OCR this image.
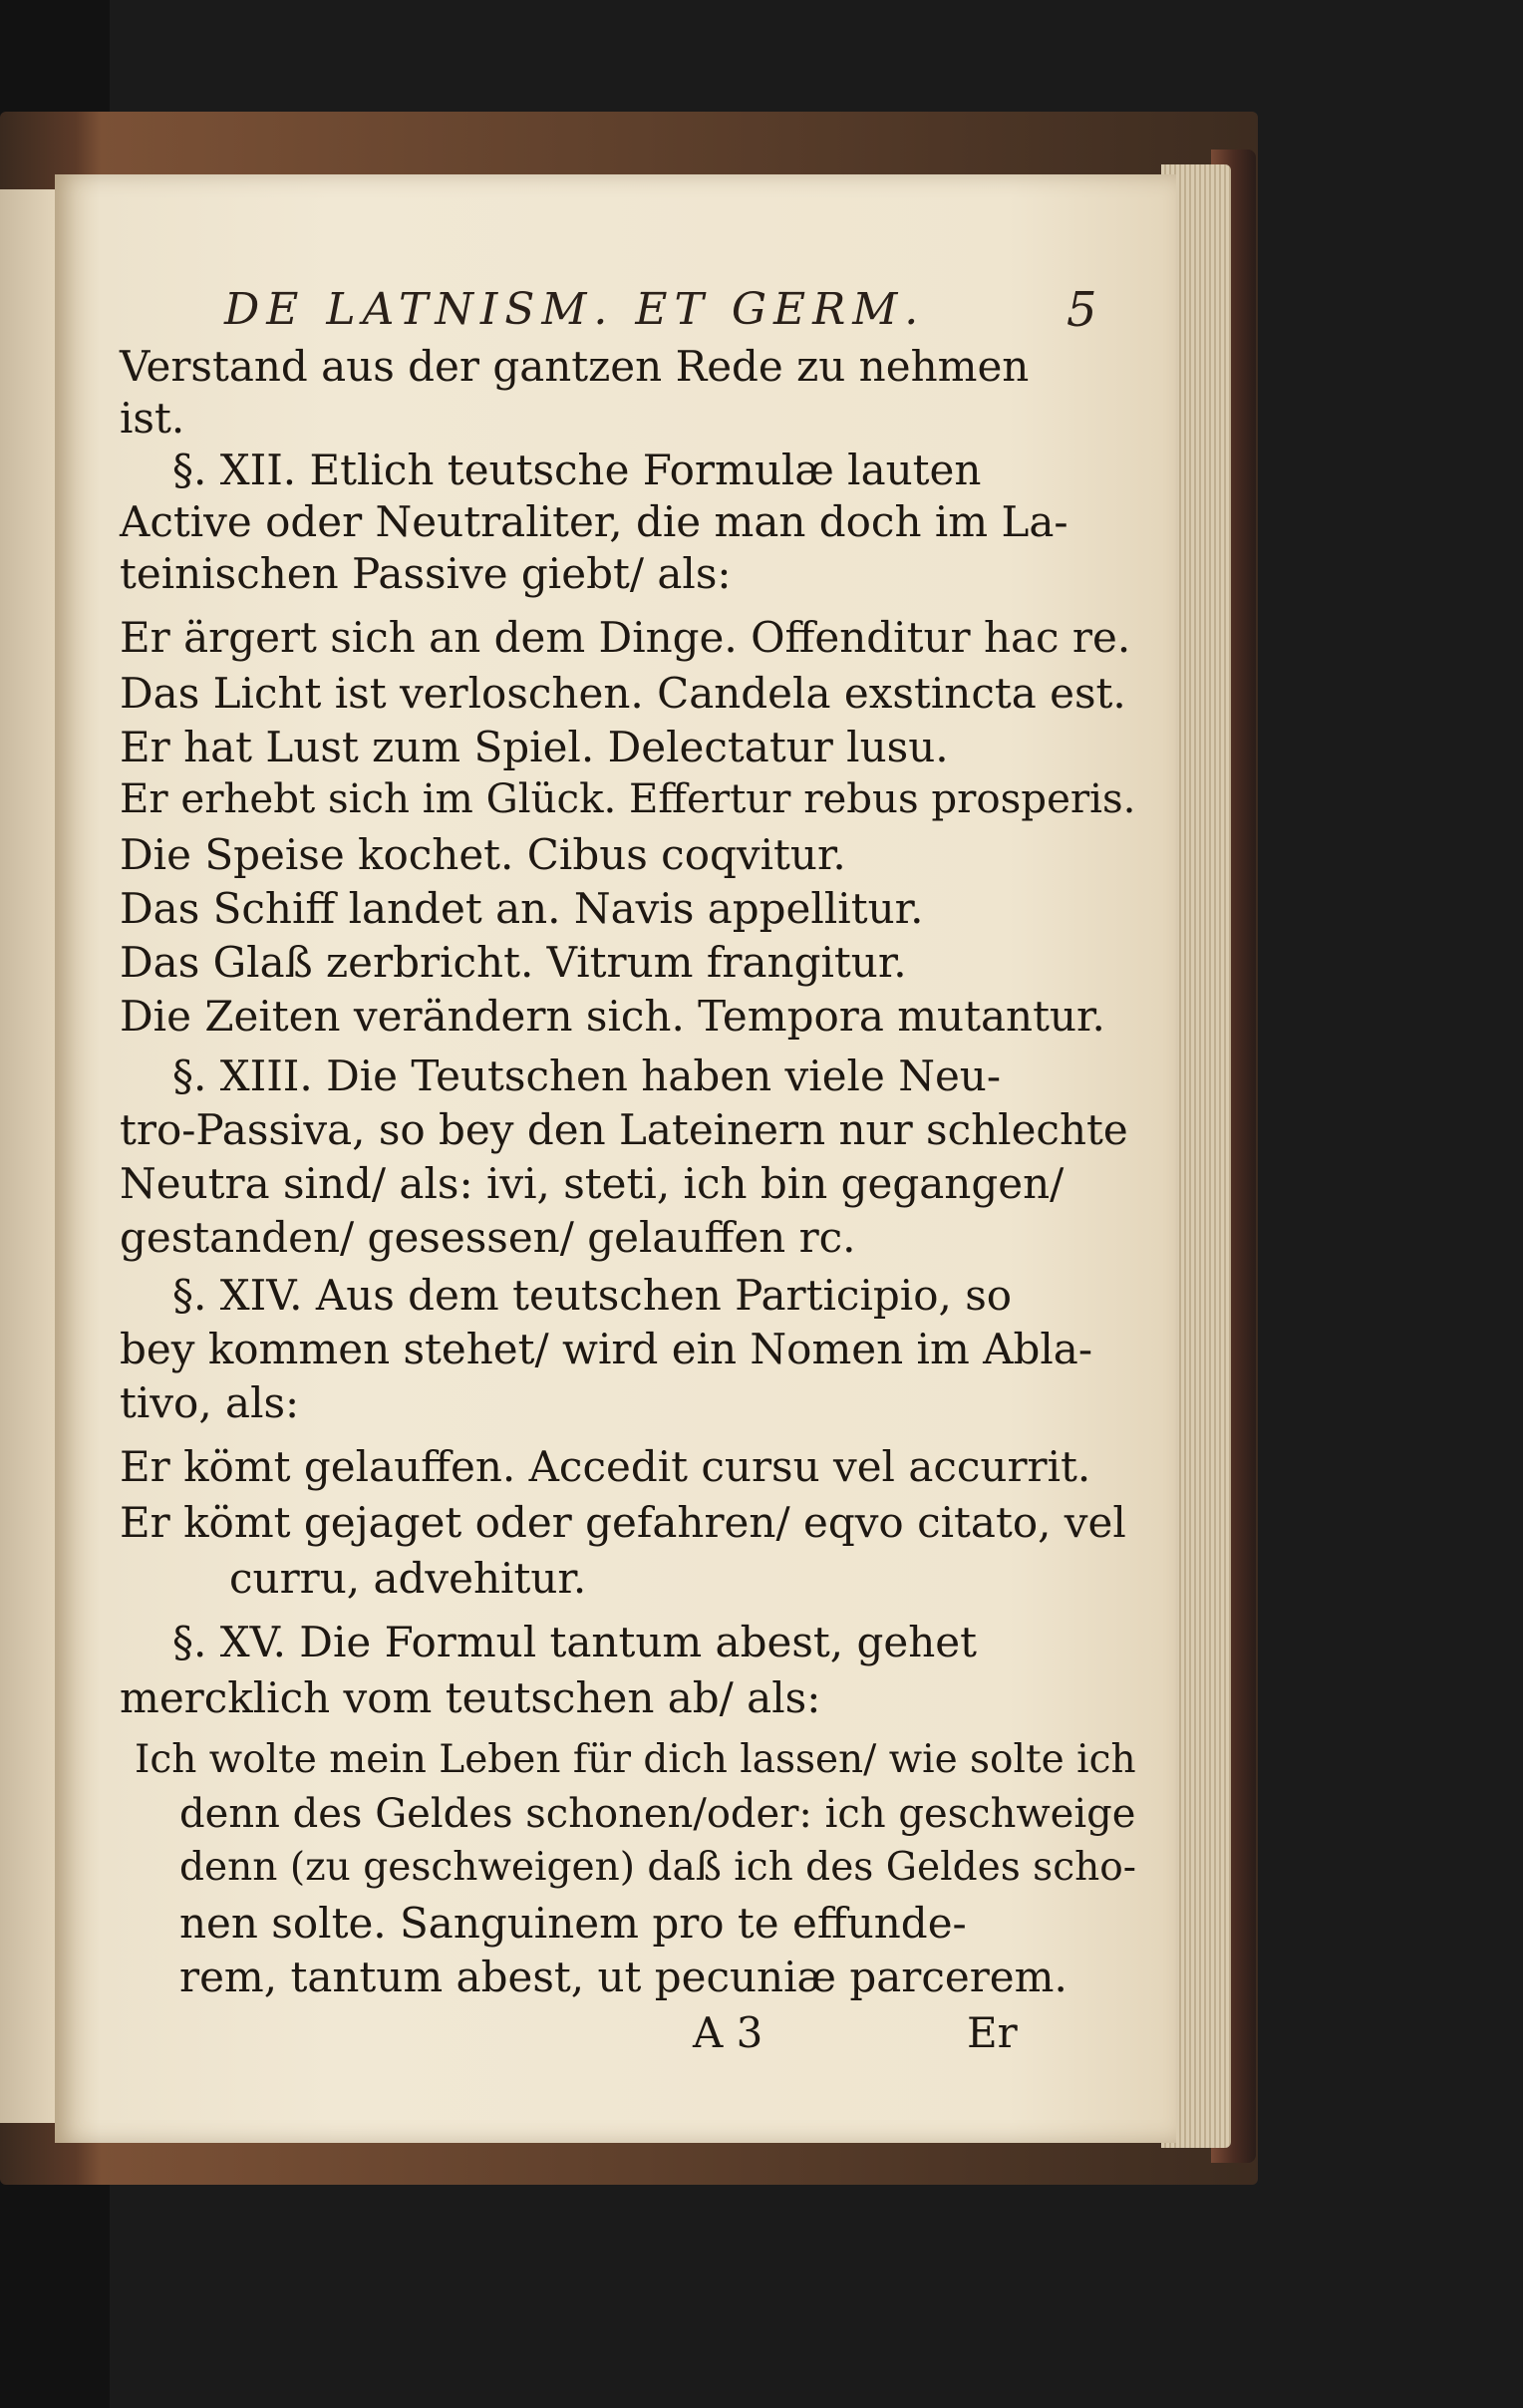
DE LATNISM. ET GERM.	5
Verstand aus der gantzen Rede zu nehmen
ist.
§. XII. Etlich teutsche Formulæ lauten
Active oder Neutraliter, die man doch im La-
teinischen Passive giebt/ als:
Er ärgert sich an dem Dinge. Offenditur hac re.
Das Licht ist verloschen. Candela exstincta est.
Er hat Lust zum Spiel. Delectatur lusu.
Er erhebt sich im Glück. Effertur rebus prosperis.
Die Speise kochet. Cibus coqvitur.
Das Schiff landet an. Navis appellitur.
Das Glaß zerbricht. Vitrum frangitur.
Die Zeiten verändern sich. Tempora mutantur.
§. XIII. Die Teutschen haben viele Neu-
tro-Passiva, so bey den Lateinern nur schlechte
Neutra sind/ als: ivi, steti, ich bin gegangen/
gestanden/ gesessen/ gelauffen rc.
§. XIV. Aus dem teutschen Participio, so
bey kommen stehet/ wird ein Nomen im Abla-
tivo, als:
Er kömt gelauffen. Accedit cursu vel accurrit.
Er kömt gejaget oder gefahren/ eqvo citato, vel
curru, advehitur.
§. XV. Die Formul tantum abest, gehet
mercklich vom teutschen ab/ als:
Ich wolte mein Leben für dich lassen/ wie solte ich
denn des Geldes schonen/oder: ich geschweige
denn (zu geschweigen) daß ich des Geldes scho-
nen solte. Sanguinem pro te effunde-
rem, tantum abest, ut pecuniæ parcerem.
A 3	Er
